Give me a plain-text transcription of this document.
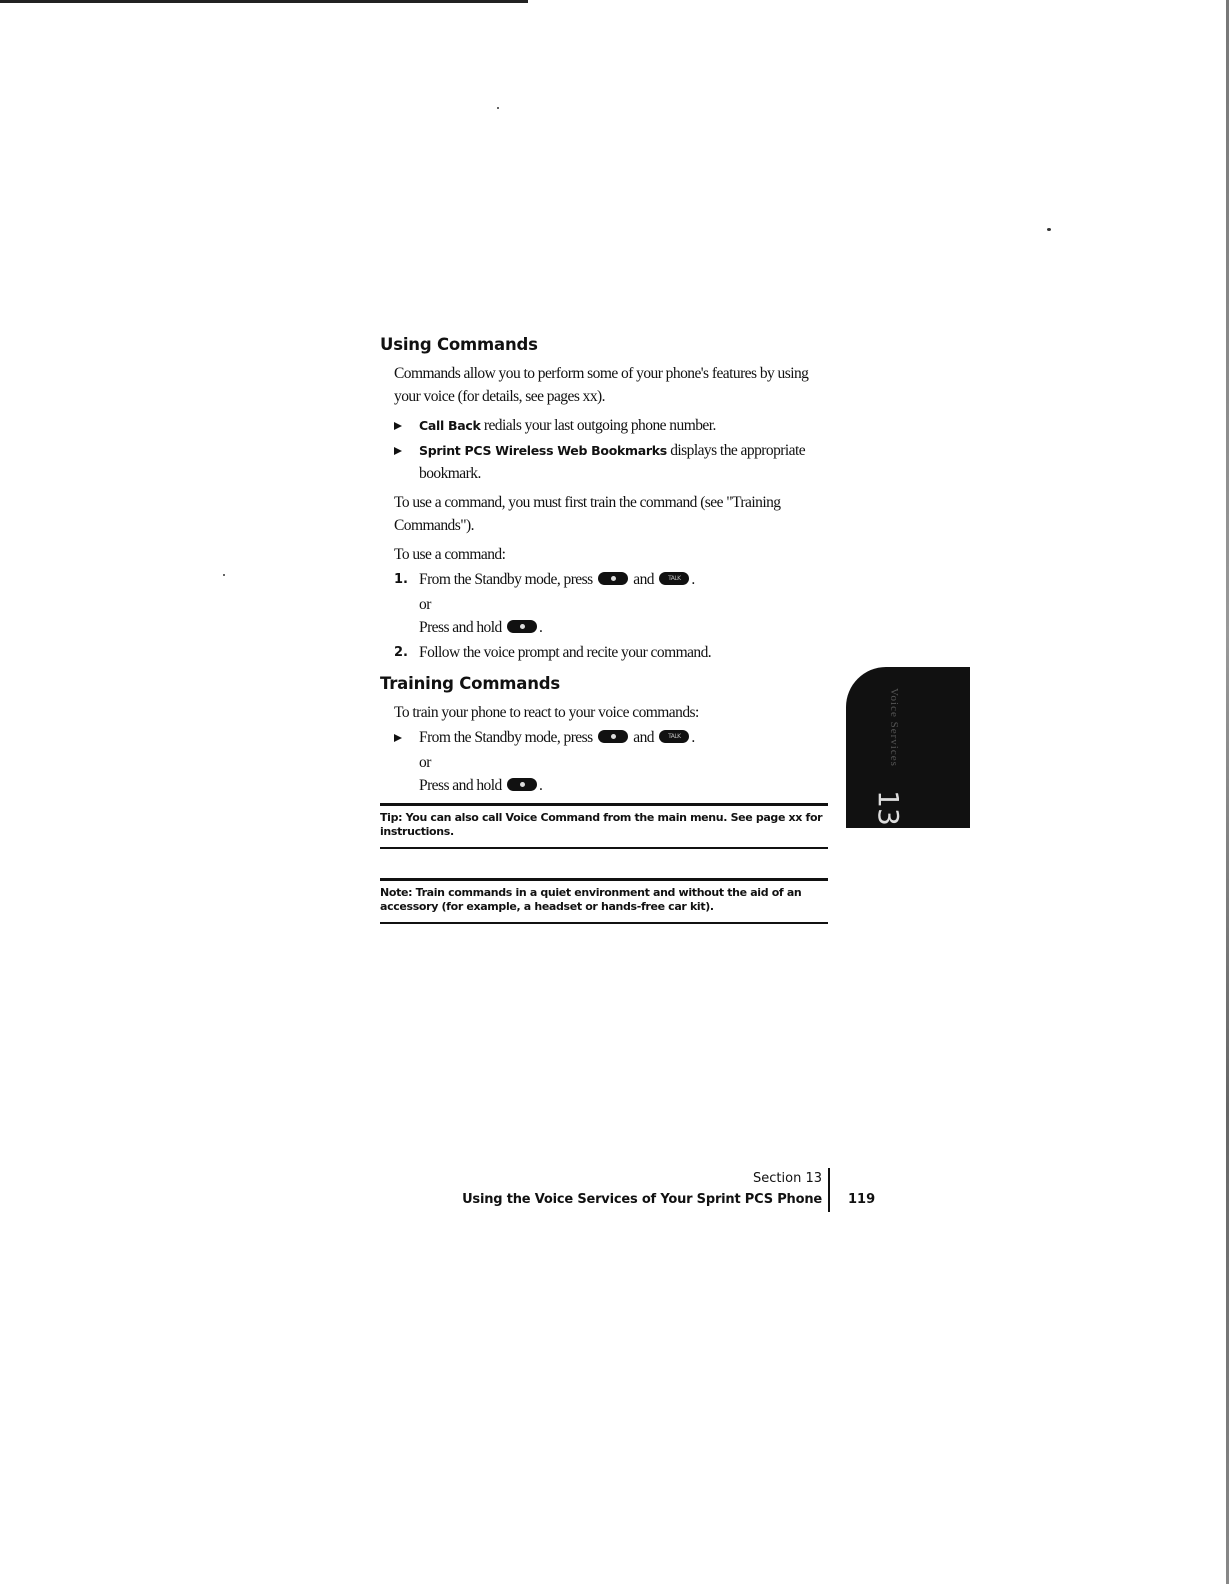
Using Commands

Commands allow you to perform some of your phone's features by using your voice (for details, see pages xx).

Call Back redials your last outgoing phone number.
Sprint PCS Wireless Web Bookmarks displays the appropriate bookmark.

To use a command, you must first train the command (see "Training Commands").

To use a command:

1. From the Standby mode, press	and	TALK .
or
Press and hold .
2. Follow the voice prompt and recite your command.
Training Commands

To train your phone to react to your voice commands:

From the Standby mode, press	and	TALK .
or
Press and hold .
Tip: You can also call Voice Command from the main menu. See page xx for instructions.
Note: Train commands in a quiet environment and without the aid of an accessory (for example, a headset or hands-free car kit).
Voice Services
13
Section 13
Using the Voice Services of Your Sprint PCS Phone 119
